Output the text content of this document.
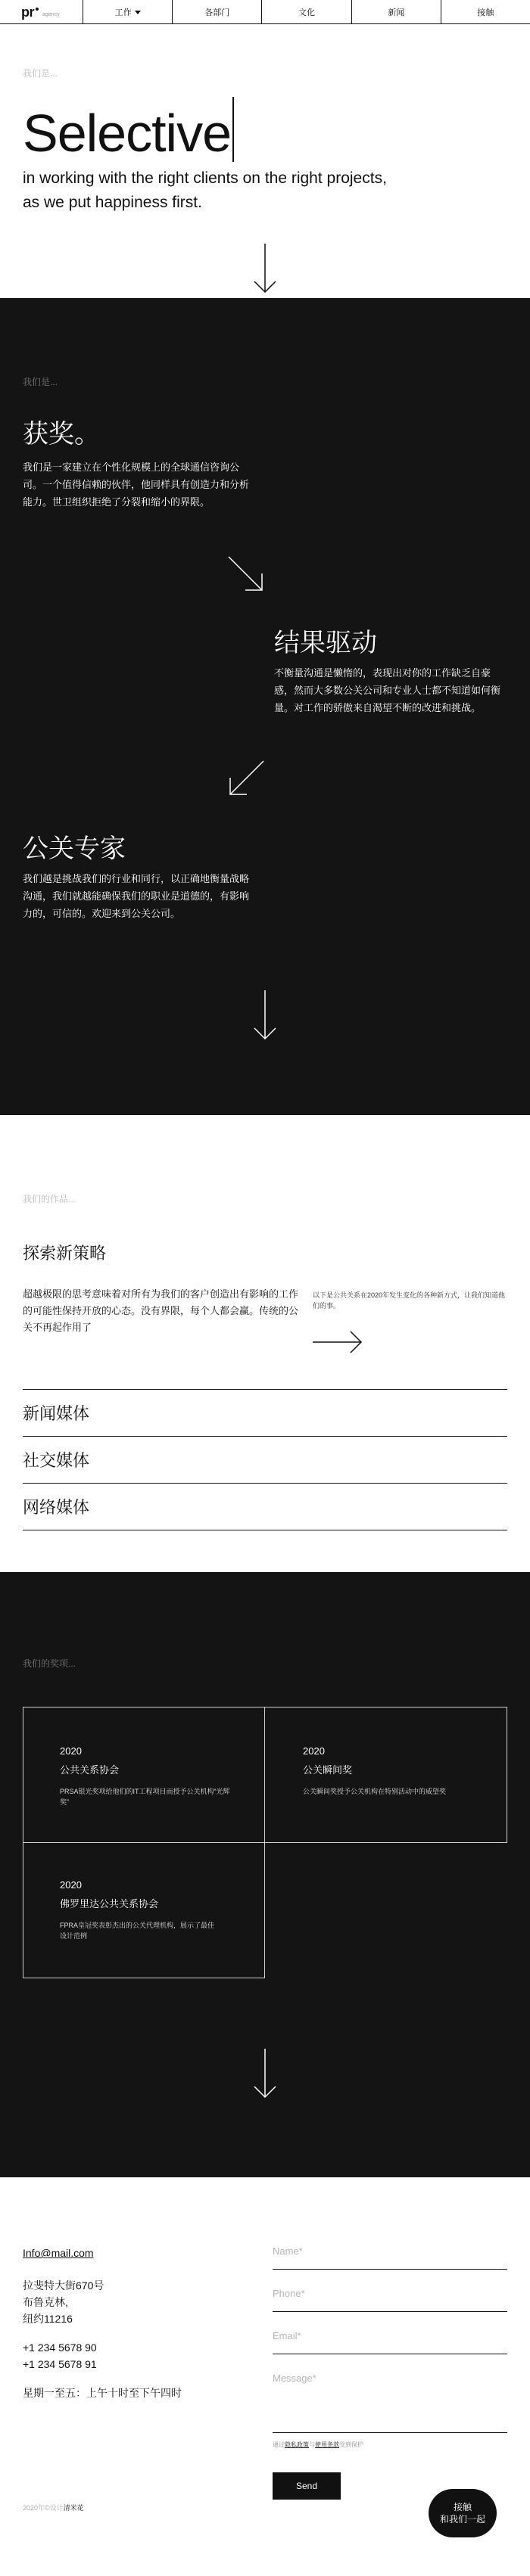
pr agency	工作	各部门	文化	新闻	接触
我们是...
Selective
in working with the right clients on the right projects,
as we put happiness first.
我们是...
获奖。
我们是一家建立在个性化规模上的全球通信咨询公司。一个值得信赖的伙伴，他同样具有创造力和分析能力。世卫组织拒绝了分裂和缩小的界限。
结果驱动
不衡量沟通是懒惰的，表现出对你的工作缺乏自豪感，然而大多数公关公司和专业人士都不知道如何衡量。对工作的骄傲来自渴望不断的改进和挑战。
公关专家
我们越是挑战我们的行业和同行，以正确地衡量战略沟通，我们就越能确保我们的职业是道德的，有影响力的，可信的。欢迎来到公关公司。
我们的作品...
探索新策略
超越极限的思考意味着对所有为我们的客户创造出有影响的工作的可能性保持开放的心态。没有界限，每个人都会赢。传统的公关不再起作用了
以下是公共关系在2020年发生变化的各种新方式，让我们知道他们的事。
新闻媒体
社交媒体
网络媒体
我们的奖项...
2020
公共关系协会
PRSA银光奖项给他们的IT工程项目而授予公关机构“光辉奖”
2020
公关瞬间奖
公关瞬间奖授予公关机构在特别活动中的威望奖
2020
佛罗里达公共关系协会
FPRA皇冠奖表彰杰出的公关代理机构，展示了最佳设计范例
Info@mail.com
拉斐特大街670号
布鲁克林,
纽约11216
+1 234 5678 90
+1 234 5678 91
星期一至五：上午十时至下午四时
Name*
Phone*
Email*
Message*
通过隐私政策与使用条款受到保护
Send
2020年©设计清米花	接触
和我们一起
